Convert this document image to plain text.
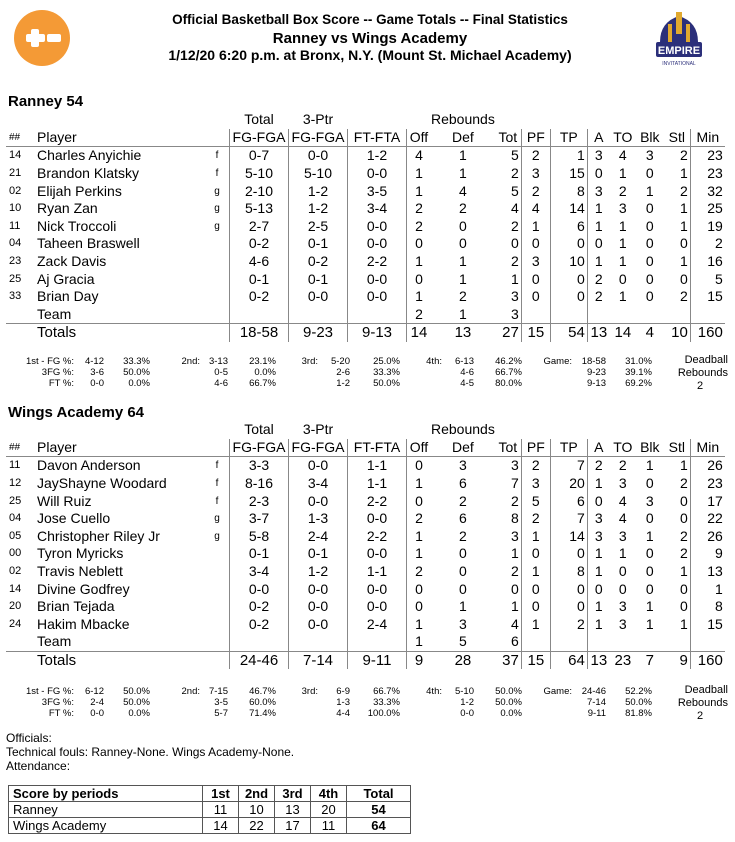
Official Basketball Box Score -- Game Totals -- Final Statistics
Ranney vs Wings Academy
1/12/20 6:20 p.m. at Bronx, N.Y. (Mount St. Michael Academy)	EMPIRE
INVITATIONAL
Ranney 54
			Total	3-Ptr			Rebounds								
##	Player		FG-FGA	FG-FGA	FT-FTA	Off	Def	Tot	PF	TP	A	TO	Blk	Stl	Min
14	Charles Anyichie	f	0-7	0-0	1-2	4	1	5	2	1	3	4	3	2	23
21	Brandon Klatsky	f	5-10	5-10	0-0	1	1	2	3	15	0	1	0	1	23
02	Elijah Perkins	g	2-10	1-2	3-5	1	4	5	2	8	3	2	1	2	32
10	Ryan Zan	g	5-13	1-2	3-4	2	2	4	4	14	1	3	0	1	25
11	Nick Troccoli	g	2-7	2-5	0-0	2	0	2	1	6	1	1	0	1	19
04	Taheen Braswell		0-2	0-1	0-0	0	0	0	0	0	0	1	0	0	2
23	Zack Davis		4-6	0-2	2-2	1	1	2	3	10	1	1	0	1	16
25	Aj Gracia		0-1	0-1	0-0	0	1	1	0	0	2	0	0	0	5
33	Brian Day		0-2	0-0	0-0	1	2	3	0	0	2	1	0	2	15
	Team					2	1	3							
	Totals		18-58	9-23	9-13	14	13	27	15	54	13	14	4	10	160
1st - FG %:	4-12	33.3%	2nd: 3-13	23.1%	3rd:	5-20	25.0%	4th:	6-13	46.2%	Game:	18-58	31.0%
3FG %:	3-6	50.0%	0-5	0.0%	2-6	33.3%	4-6	66.7%	9-23	39.1%
FT %:	0-0	0.0%	4-6	66.7%	1-2	50.0%	4-5	80.0%	9-13	69.2%
Deadball
Rebounds
2
Wings Academy 64
			Total	3-Ptr			Rebounds								
##	Player		FG-FGA	FG-FGA	FT-FTA	Off	Def	Tot	PF	TP	A	TO	Blk	Stl	Min
11	Davon Anderson	f	3-3	0-0	1-1	0	3	3	2	7	2	2	1	1	26
12	JayShayne Woodard	f	8-16	3-4	1-1	1	6	7	3	20	1	3	0	2	23
25	Will Ruiz	f	2-3	0-0	2-2	0	2	2	5	6	0	4	3	0	17
04	Jose Cuello	g	3-7	1-3	0-0	2	6	8	2	7	3	4	0	0	22
05	Christopher Riley Jr	g	5-8	2-4	2-2	1	2	3	1	14	3	3	1	2	26
00	Tyron Myricks		0-1	0-1	0-0	1	0	1	0	0	1	1	0	2	9
02	Travis Neblett		3-4	1-2	1-1	2	0	2	1	8	1	0	0	1	13
14	Divine Godfrey		0-0	0-0	0-0	0	0	0	0	0	0	0	0	0	1
20	Brian Tejada		0-2	0-0	0-0	0	1	1	0	0	1	3	1	0	8
24	Hakim Mbacke		0-2	0-0	2-4	1	3	4	1	2	1	3	1	1	15
	Team					1	5	6							
	Totals		24-46	7-14	9-11	9	28	37	15	64	13	23	7	9	160
1st - FG %:	6-12	50.0%	2nd: 7-15	46.7%	3rd:	6-9	66.7%	4th:	5-10	50.0%	Game:	24-46	52.2%
3FG %:	2-4	50.0%	3-5	60.0%	1-3	33.3%	1-2	50.0%	7-14	50.0%
FT %:	0-0	0.0%	5-7	71.4%	4-4	100.0%	0-0	0.0%	9-11	81.8%
Deadball
Rebounds
2
Officials:
Technical fouls: Ranney-None. Wings Academy-None.
Attendance:
Score by periods	1st	2nd	3rd	4th	Total
Ranney	11	10	13	20	54
Wings Academy	14	22	17	11	64
